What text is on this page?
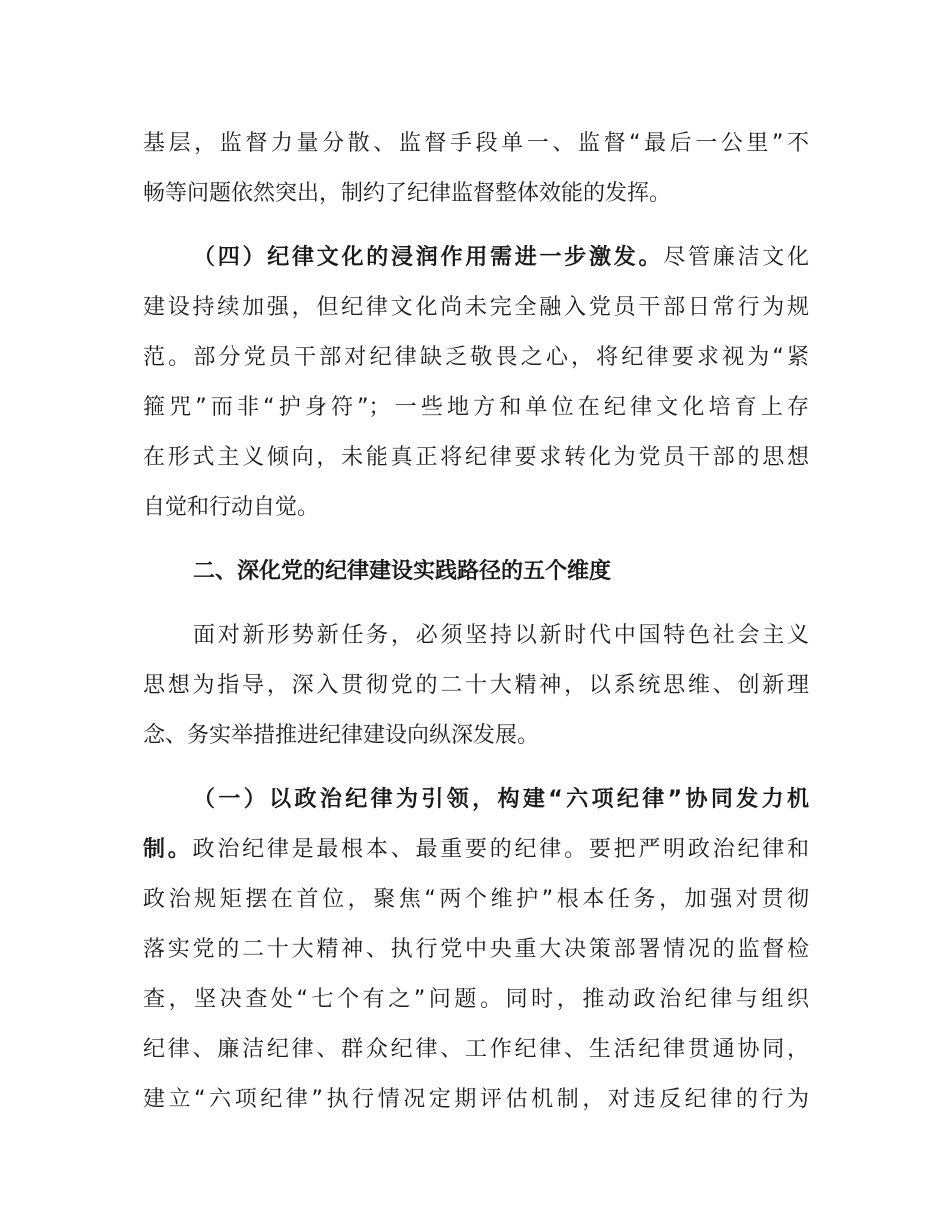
基层，监督力量分散、监督手段单一、监督“最后一公里”不
畅等问题依然突出，制约了纪律监督整体效能的发挥。
（四）纪律文化的浸润作用需进一步激发。尽管廉洁文化
建设持续加强，但纪律文化尚未完全融入党员干部日常行为规
范。部分党员干部对纪律缺乏敬畏之心，将纪律要求视为“紧
箍咒”而非“护身符”；一些地方和单位在纪律文化培育上存
在形式主义倾向，未能真正将纪律要求转化为党员干部的思想
自觉和行动自觉。
二、深化党的纪律建设实践路径的五个维度
面对新形势新任务，必须坚持以新时代中国特色社会主义
思想为指导，深入贯彻党的二十大精神，以系统思维、创新理
念、务实举措推进纪律建设向纵深发展。
（一）以政治纪律为引领，构建“六项纪律”协同发力机
制。政治纪律是最根本、最重要的纪律。要把严明政治纪律和
政治规矩摆在首位，聚焦“两个维护”根本任务，加强对贯彻
落实党的二十大精神、执行党中央重大决策部署情况的监督检
查，坚决查处“七个有之”问题。同时，推动政治纪律与组织
纪律、廉洁纪律、群众纪律、工作纪律、生活纪律贯通协同，
建立“六项纪律”执行情况定期评估机制，对违反纪律的行为
